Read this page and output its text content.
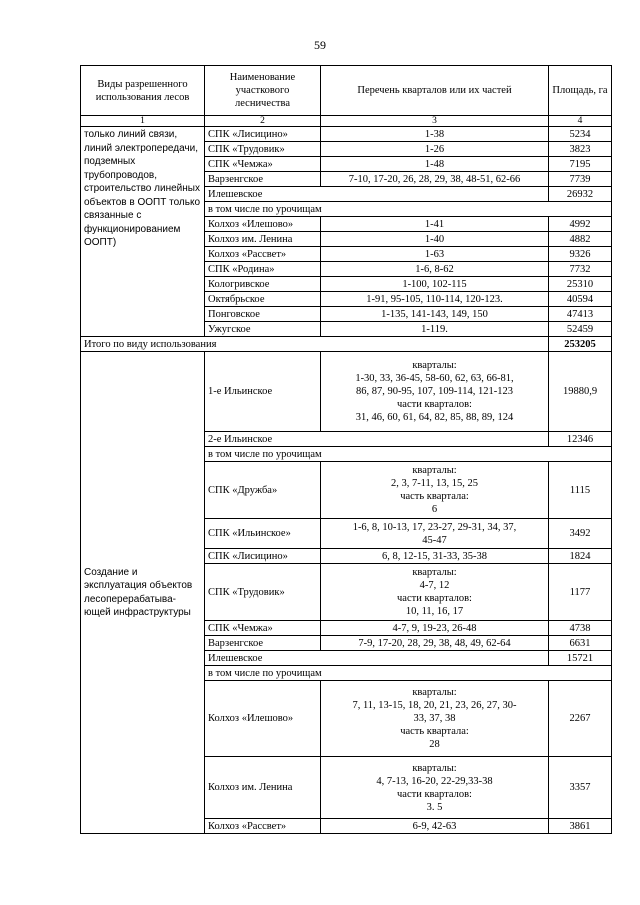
59
Виды разрешенного использования лесов	Наименование участкового лесничества	Перечень кварталов или их частей	Площадь, га
1	2	3	4
только линий связи, линий электропередачи, подземных трубопроводов, строительство линейных объектов в ООПТ только связанные с функционированием ООПТ)	СПК «Лисицино»	1-38	5234
	СПК «Трудовик»	1-26	3823
	СПК «Чемжа»	1-48	7195
	Варзенгское	7-10, 17-20, 26, 28, 29, 38, 48-51, 62-66	7739
	Илешевское		26932
	в том числе по урочищам		
	Колхоз «Илешово»	1-41	4992
	Колхоз им. Ленина	1-40	4882
	Колхоз «Рассвет»	1-63	9326
	СПК «Родина»	1-6, 8-62	7732
	Кологривское	1-100, 102-115	25310
	Октябрьское	1-91, 95-105, 110-114, 120-123.	40594
	Понговское	1-135, 141-143, 149, 150	47413
	Ужугское	1-119.	52459
Итого по виду использования			253205
Создание и эксплуатация объектов лесоперерабатыва-ющей инфраструктуры	1-е Ильинское	кварталы:
1-30, 33, 36-45, 58-60, 62, 63, 66-81,
86, 87, 90-95, 107, 109-114, 121-123
части кварталов:
31, 46, 60, 61, 64, 82, 85, 88, 89, 124	19880,9
	2-е Ильинское		12346
	в том числе по урочищам		
	СПК «Дружба»	кварталы:
2, 3, 7-11, 13, 15, 25
часть квартала:
6	1115
	СПК «Ильинское»	1-6, 8, 10-13, 17, 23-27, 29-31, 34, 37,
45-47	3492
	СПК «Лисицино»	6, 8, 12-15, 31-33, 35-38	1824
	СПК «Трудовик»	кварталы:
4-7, 12
части кварталов:
10, 11, 16, 17	1177
	СПК «Чемжа»	4-7, 9, 19-23, 26-48	4738
	Варзенгское	7-9, 17-20, 28, 29, 38, 48, 49, 62-64	6631
	Илешевское		15721
	в том числе по урочищам		
	Колхоз «Илешово»	кварталы:
7, 11, 13-15, 18, 20, 21, 23, 26, 27, 30-
33, 37, 38
часть квартала:
28	2267
	Колхоз им. Ленина	кварталы:
4, 7-13, 16-20, 22-29,33-38
части кварталов:
3. 5	3357
	Колхоз «Рассвет»	6-9, 42-63	3861
